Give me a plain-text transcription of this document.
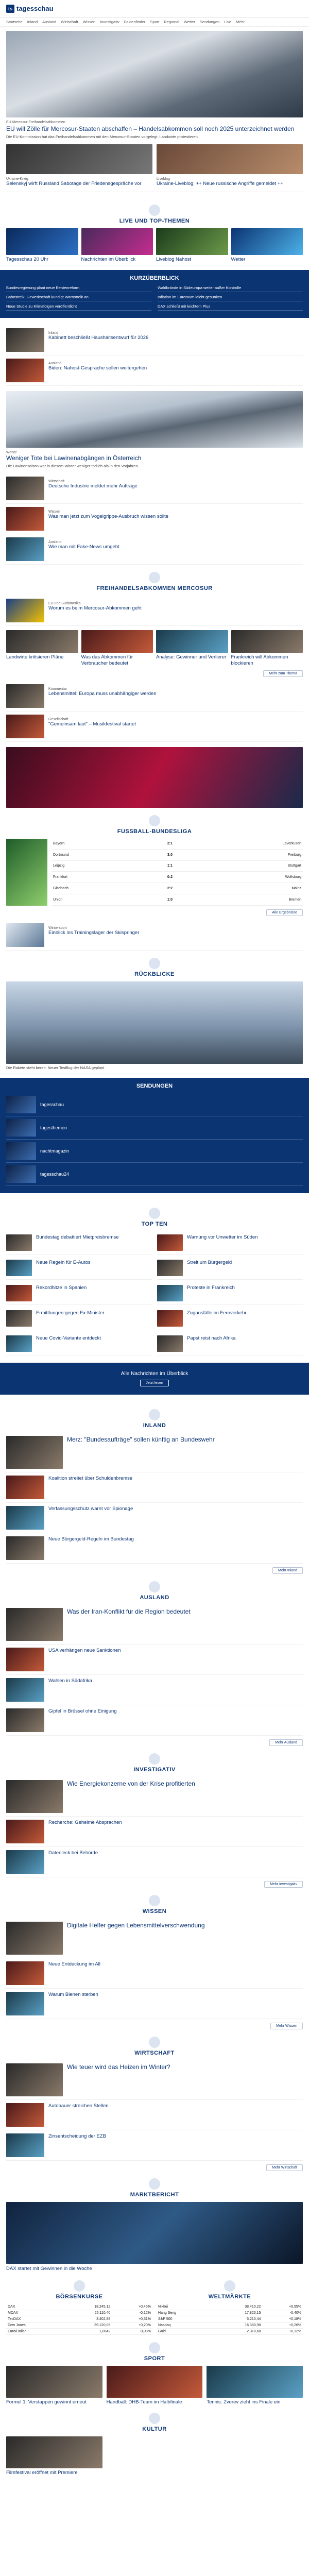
ts tagesschau
Startseite Inland Ausland Wirtschaft Wissen Investigativ Faktenfinder Sport Regional Wetter Sendungen Live Mehr
EU-Mercosur-Freihandelsabkommen
EU will Zölle für Mercosur-Staaten abschaffen – Handelsabkommen soll noch 2025 unterzeichnet werden
Die EU-Kommission hat das Freihandelsabkommen mit den Mercosur-Staaten vorgelegt. Landwirte protestieren.
Ukraine-Krieg
Selenskyj wirft Russland Sabotage der Friedensgespräche vor
Liveblog
Ukraine-Liveblog: ++ Neue russische Angriffe gemeldet ++
LIVE UND TOP-THEMEN
Tagesschau 20 Uhr	Nachrichten im Überblick	Liveblog Nahost	Wetter
KURZÜBERBLICK
Bundesregierung plant neue Rentenreform	Waldbrände in Südeuropa weiter außer Kontrolle
Bahnstreik: Gewerkschaft kündigt Warnstreik an	Inflation im Euroraum leicht gesunken
Neue Studie zu Klimafolgen veröffentlicht	DAX schließt mit leichtem Plus
Inland
Kabinett beschließt Haushaltsentwurf für 2026
Ausland
Biden: Nahost-Gespräche sollen weitergehen
Wetter
Weniger Tote bei Lawinenabgängen in Österreich
Die Lawinensaison war in diesem Winter weniger tödlich als in den Vorjahren.
Wirtschaft
Deutsche Industrie meldet mehr Aufträge
Wissen
Was man jetzt zum Vogelgrippe-Ausbruch wissen sollte
Ausland
Wie man mit Fake-News umgeht
FREIHANDELSABKOMMEN MERCOSUR
EU und Südamerika
Worum es beim Mercosur-Abkommen geht
Landwirte kritisieren Pläne	Was das Abkommen für Verbraucher bedeutet
Analyse: Gewinner und Verlierer Frankreich will Abkommen blockieren
Mehr zum Thema
Kommentar
Lebensmittel: Europa muss unabhängiger werden
Gesellschaft
"Gemeinsam laut" – Musikfestival startet
FUSSBALL-BUNDESLIGA
Bayern	2:1	Leverkusen
Dortmund	3:0	Freiburg
Leipzig	1:1	Stuttgart
Frankfurt	0:2	Wolfsburg
Gladbach	2:2	Mainz
Union	1:0	Bremen
Alle Ergebnisse
Wintersport
Einblick ins Trainingslager der Skispringer
RÜCKBLICKE
Die Rakete steht bereit: Neuer Testflug der NASA geplant
SENDUNGEN
tagesschau
tagesthemen
nachtmagazin
tagesschau24
TOP TEN
Bundestag debattiert Mietpreisbremse	Warnung vor Unwetter im Süden
Neue Regeln für E-Autos	Streit um Bürgergeld
Rekordhitze in Spanien	Proteste in Frankreich
Ermittlungen gegen Ex-Minister	Zugausfälle im Fernverkehr
Neue Covid-Variante entdeckt	Papst reist nach Afrika
Alle Nachrichten im Überblick
Jetzt lesen
INLAND
Merz: "Bundesaufträge" sollen künftig an Bundeswehr
Koalition streitet über Schuldenbremse
Verfassungsschutz warnt vor Spionage
Neue Bürgergeld-Regeln im Bundestag
Mehr Inland
AUSLAND
Was der Iran-Konflikt für die Region bedeutet
USA verhängen neue Sanktionen
Wahlen in Südafrika
Gipfel in Brüssel ohne Einigung
Mehr Ausland
INVESTIGATIV
Wie Energiekonzerne von der Krise profitierten
Recherche: Geheime Absprachen
Datenleck bei Behörde
Mehr Investigativ
WISSEN
Digitale Helfer gegen Lebensmittelverschwendung
Neue Entdeckung im All
Warum Bienen sterben
Mehr Wissen
WIRTSCHAFT
Wie teuer wird das Heizen im Winter?
Autobauer streichen Stellen
Zinsentscheidung der EZB
Mehr Wirtschaft
MARKTBERICHT
DAX startet mit Gewinnen in die Woche
BÖRSENKURSE
DAX	18.245,12	+0,45%
MDAX	26.110,40	-0,12%
TecDAX	3.402,88	+0,31%
Dow Jones	39.120,05	+0,20%
Euro/Dollar	1,0842	-0,08%
WELTMÄRKTE
Nikkei	38.410,22	+0,55%
Hang Seng	17.820,15	-0,40%
S&P 500	5.210,44	+0,18%
Nasdaq	16.380,90	+0,26%
Gold	2.318,60	+0,12%
SPORT
Formel 1: Verstappen gewinnt erneut	Handball: DHB-Team im Halbfinale	Tennis: Zverev zieht ins Finale ein
KULTUR
Filmfestival eröffnet mit Premiere
